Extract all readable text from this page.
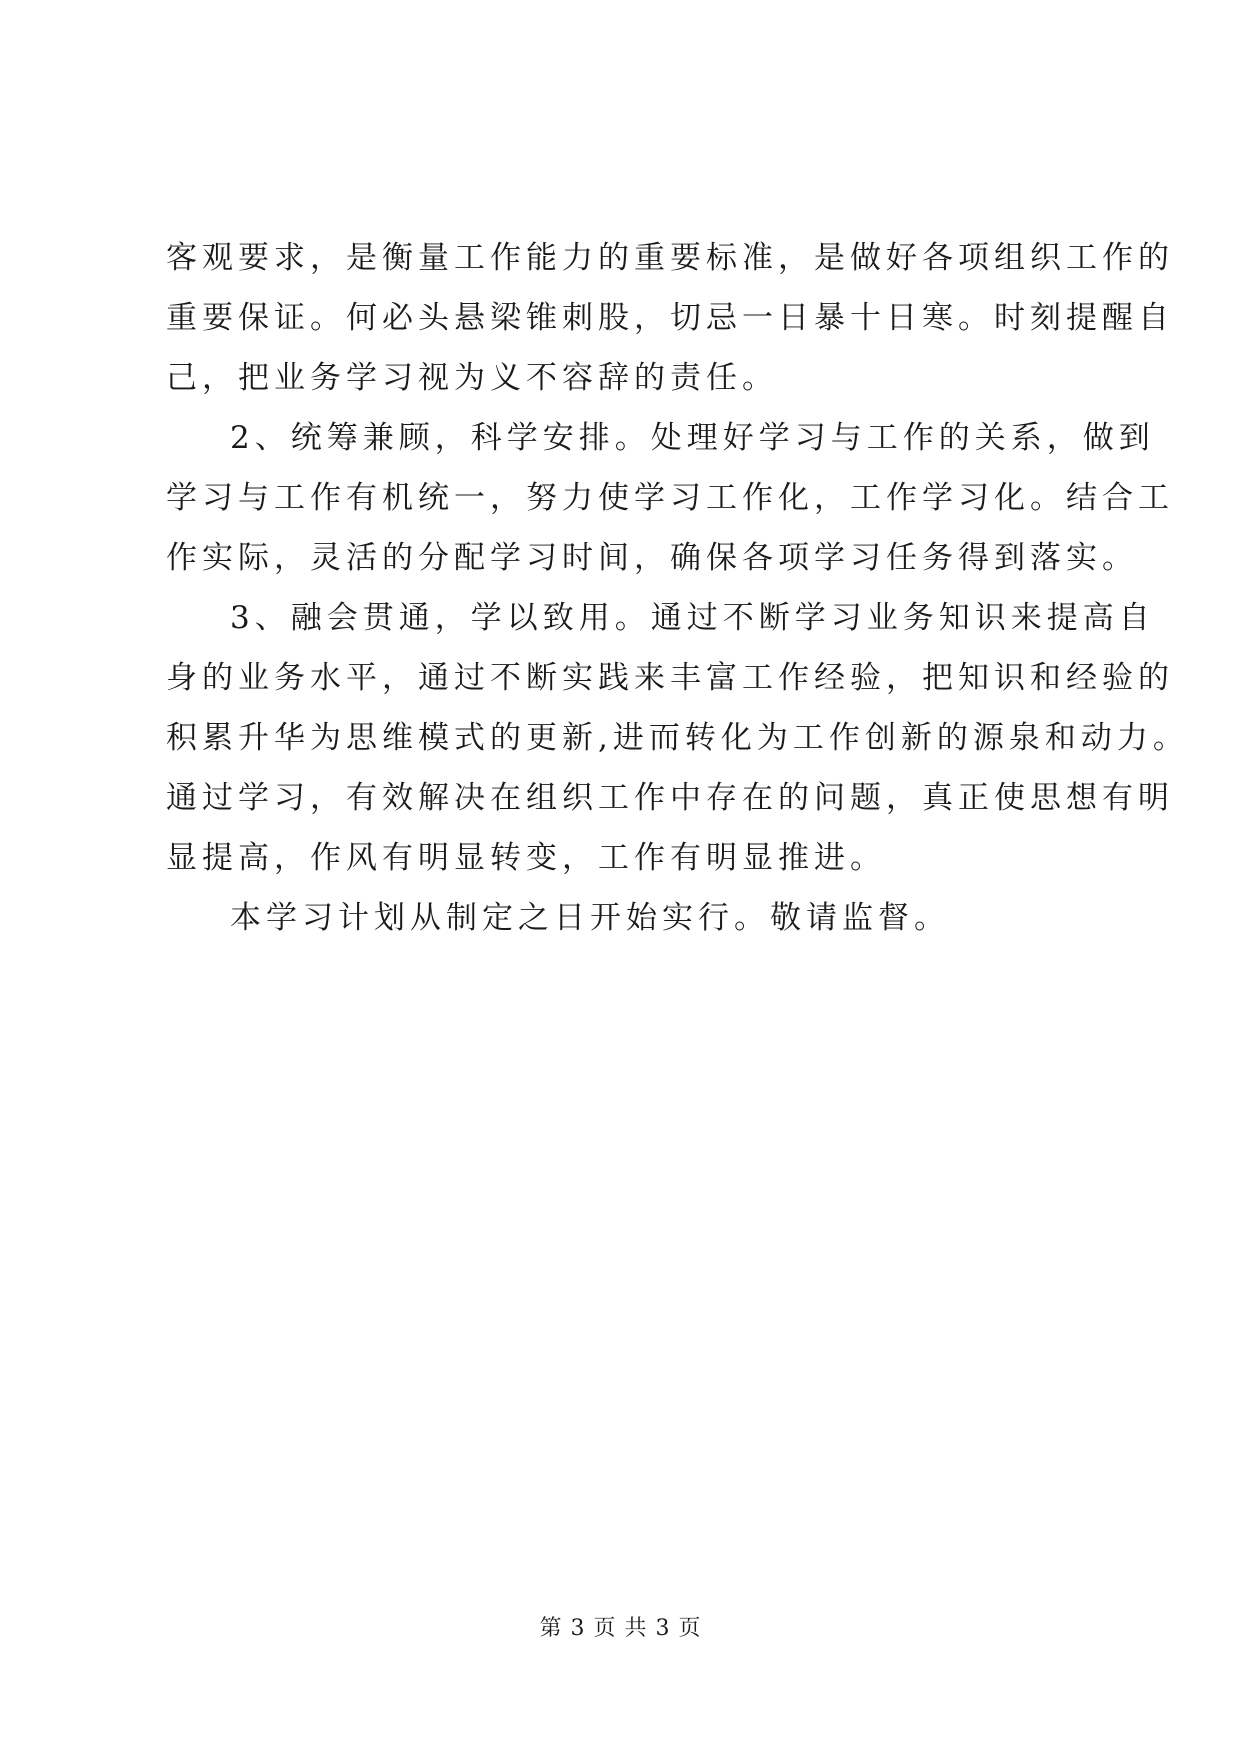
客观要求，是衡量工作能力的重要标准，是做好各项组织工作的
重要保证。何必头悬梁锥刺股，切忌一日暴十日寒。时刻提醒自
己，把业务学习视为义不容辞的责任。
2、统筹兼顾，科学安排。处理好学习与工作的关系，做到
学习与工作有机统一，努力使学习工作化，工作学习化。结合工
作实际，灵活的分配学习时间，确保各项学习任务得到落实。
3、融会贯通，学以致用。通过不断学习业务知识来提高自
身的业务水平，通过不断实践来丰富工作经验，把知识和经验的
积累升华为思维模式的更新,进而转化为工作创新的源泉和动力。
通过学习，有效解决在组织工作中存在的问题，真正使思想有明
显提高，作风有明显转变，工作有明显推进。
本学习计划从制定之日开始实行。敬请监督。
第 3 页 共 3 页
